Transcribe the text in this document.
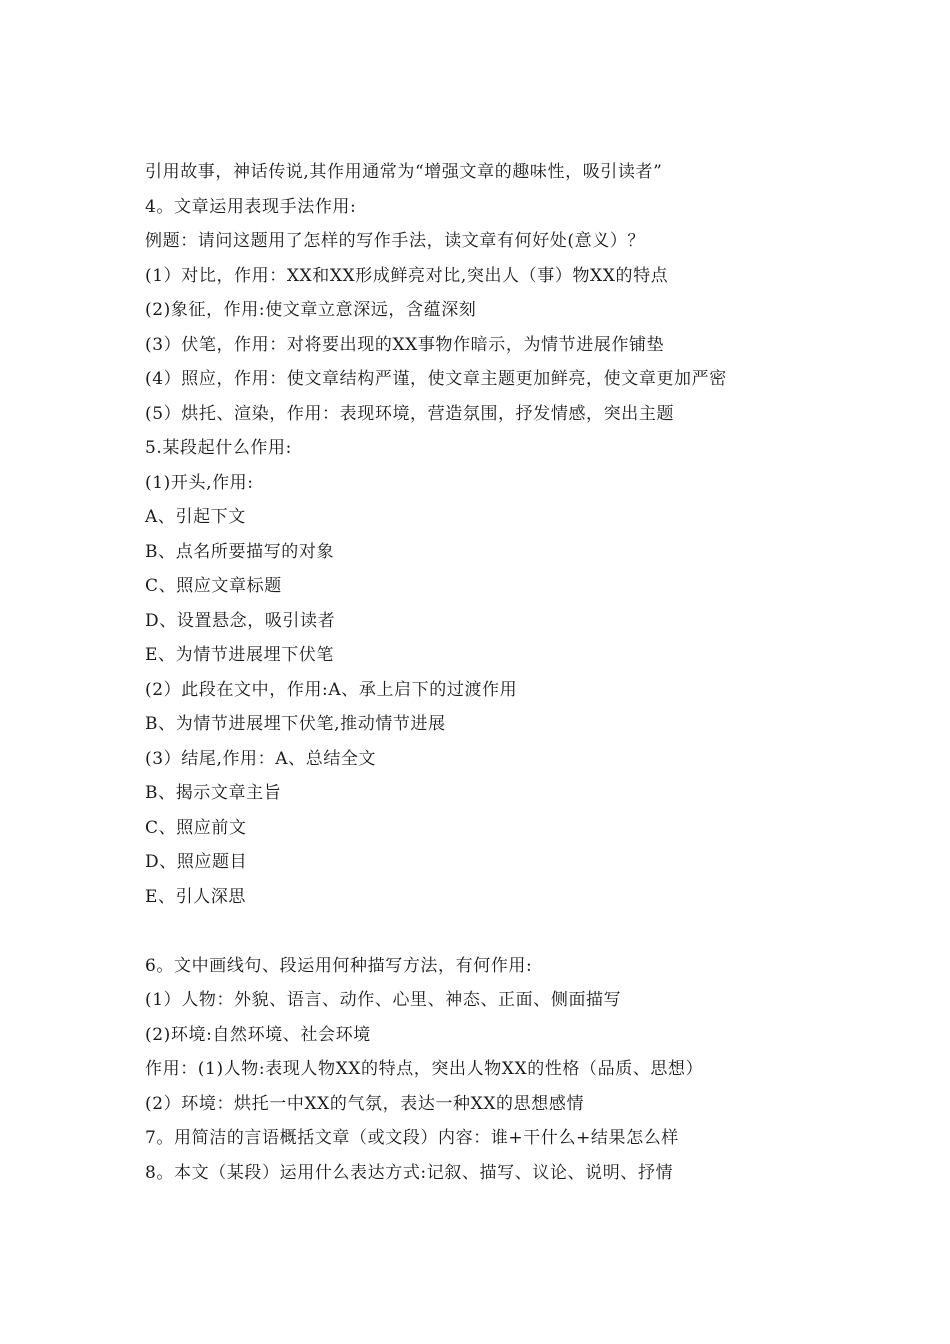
引用故事，神话传说,其作用通常为“增强文章的趣味性，吸引读者”
4。文章运用表现手法作用:
例题：请问这题用了怎样的写作手法，读文章有何好处(意义）？
(1）对比，作用：XX和XX形成鲜亮对比,突出人（事）物XX的特点
(2)象征，作用:使文章立意深远，含蕴深刻
(3）伏笔，作用：对将要出现的XX事物作暗示，为情节进展作铺垫
(4）照应，作用：使文章结构严谨，使文章主题更加鲜亮，使文章更加严密
(5）烘托、渲染，作用：表现环境，营造氛围，抒发情感，突出主题
5.某段起什么作用:
(1)开头,作用:
A、引起下文
B、点名所要描写的对象
C、照应文章标题
D、设置悬念，吸引读者
E、为情节进展埋下伏笔
(2）此段在文中，作用:A、承上启下的过渡作用
B、为情节进展埋下伏笔,推动情节进展
(3）结尾,作用：A、总结全文
B、揭示文章主旨
C、照应前文
D、照应题目
E、引人深思
6。文中画线句、段运用何种描写方法，有何作用:
(1）人物：外貌、语言、动作、心里、神态、正面、侧面描写
(2)环境:自然环境、社会环境
作用：(1)人物:表现人物XX的特点，突出人物XX的性格（品质、思想）
(2）环境：烘托一中XX的气氛，表达一种XX的思想感情
7。用简洁的言语概括文章（或文段）内容：谁+干什么+结果怎么样
8。本文（某段）运用什么表达方式:记叙、描写、议论、说明、抒情
